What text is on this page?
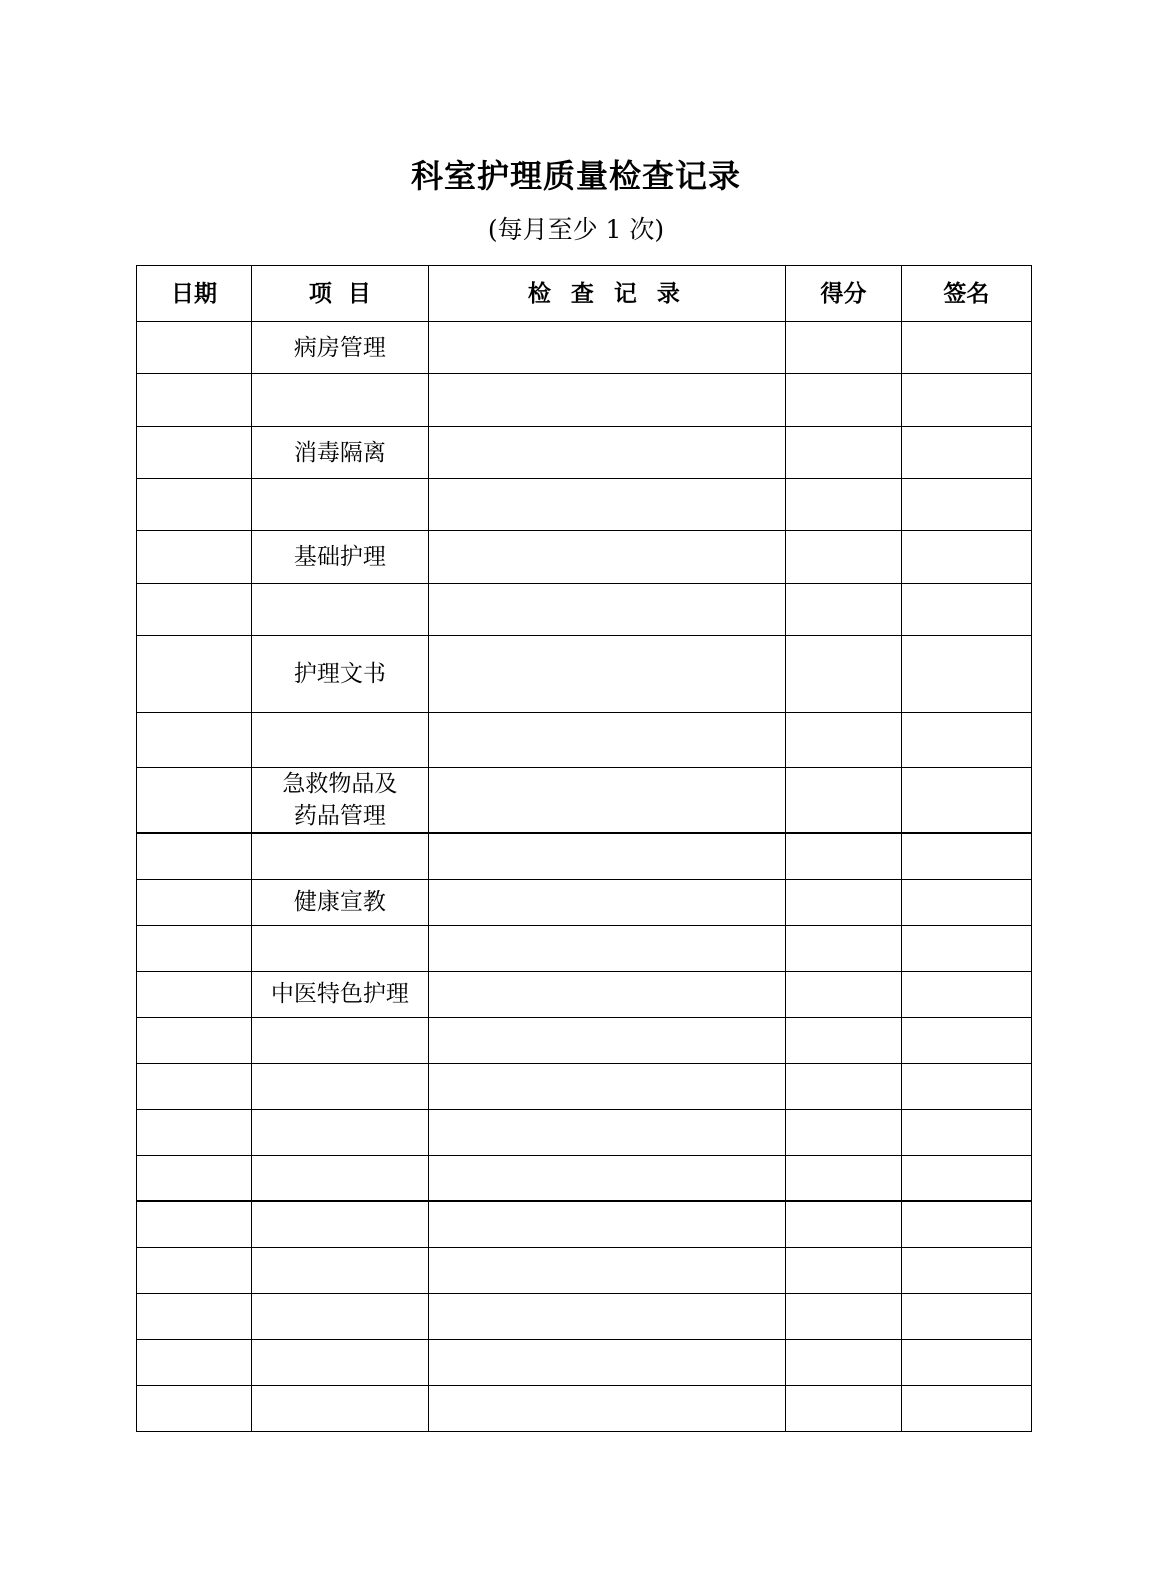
科室护理质量检查记录
(每月至少 1 次)
日期	项  目	检 查 记 录	得分	签名

	病房管理			

	消毒隔离			

	基础护理			

	护理文书			

	急救物品及
药品管理			

	健康宣教			

	中医特色护理			
